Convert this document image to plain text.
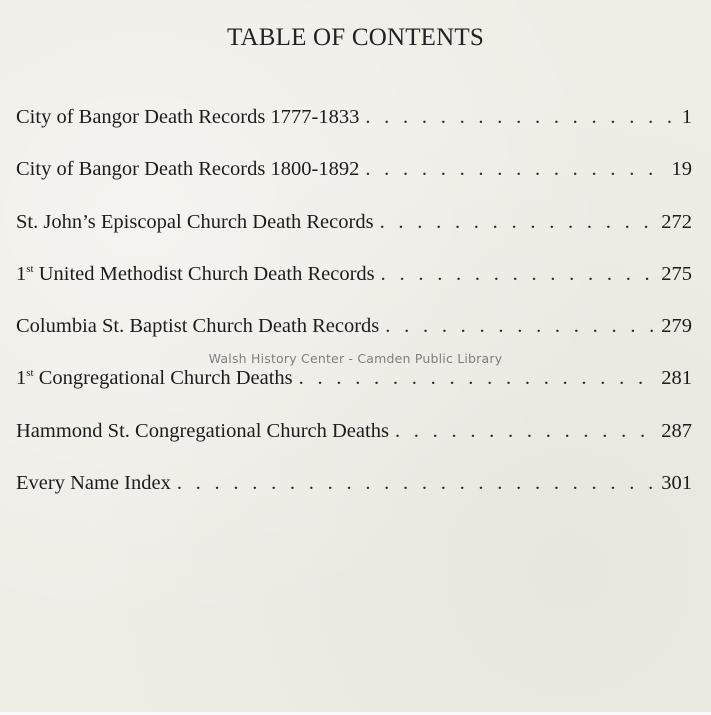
TABLE OF CONTENTS
City of Bangor Death Records 1777-1833 . . .	1
City of Bangor Death Records 1800-1892 . . .	19
St. John’s Episcopal Church Death Records . . .	272
1st United Methodist Church Death Records . . .	275
Columbia St. Baptist Church Death Records . . .	279
1st Congregational Church Deaths . . .	281
Hammond St. Congregational Church Deaths . . .	287
Every Name Index . . .	301
Walsh History Center - Camden Public Library
